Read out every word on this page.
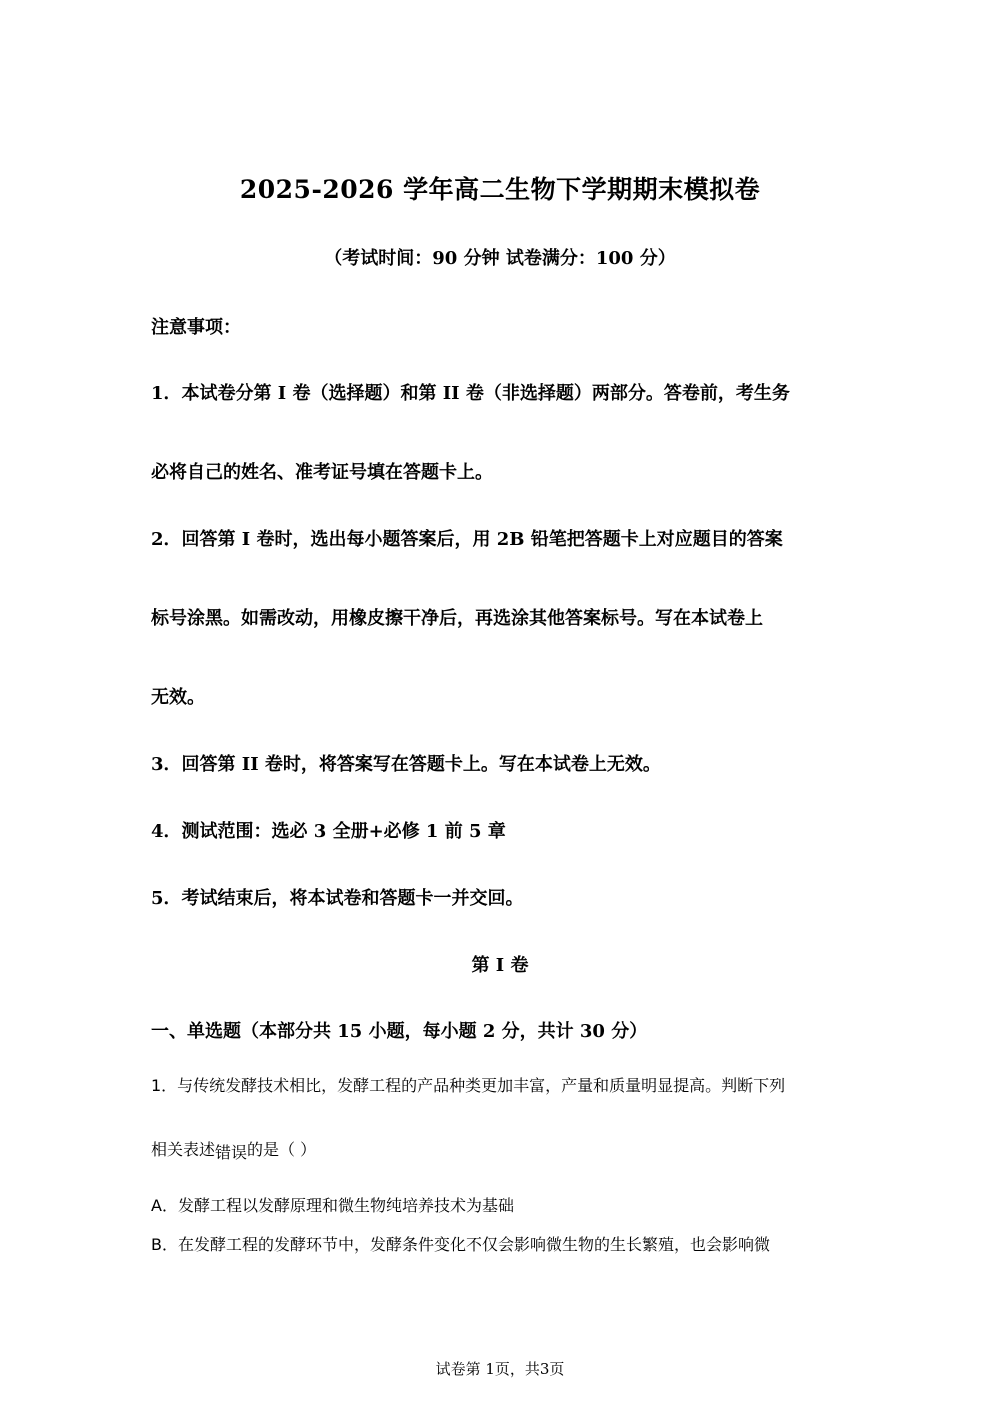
2025-2026 学年高二生物下学期期末模拟卷
（考试时间：90 分钟 试卷满分：100 分）
注意事项：
1．本试卷分第 I 卷（选择题）和第 II 卷（非选择题）两部分。答卷前，考生务
必将自己的姓名、准考证号填在答题卡上。
2．回答第 I 卷时，选出每小题答案后，用 2B 铅笔把答题卡上对应题目的答案
标号涂黑。如需改动，用橡皮擦干净后，再选涂其他答案标号。写在本试卷上
无效。
3．回答第 II 卷时，将答案写在答题卡上。写在本试卷上无效。
4．测试范围：选必 3 全册+必修 1 前 5 章
5．考试结束后，将本试卷和答题卡一并交回。
第 I 卷
一、单选题（本部分共 15 小题，每小题 2 分，共计 30 分）
1．与传统发酵技术相比，发酵工程的产品种类更加丰富，产量和质量明显提高。判断下列
相关表述错误的是（ ）
A．发酵工程以发酵原理和微生物纯培养技术为基础
B．在发酵工程的发酵环节中，发酵条件变化不仅会影响微生物的生长繁殖，也会影响微
试卷第 1页，共3页
